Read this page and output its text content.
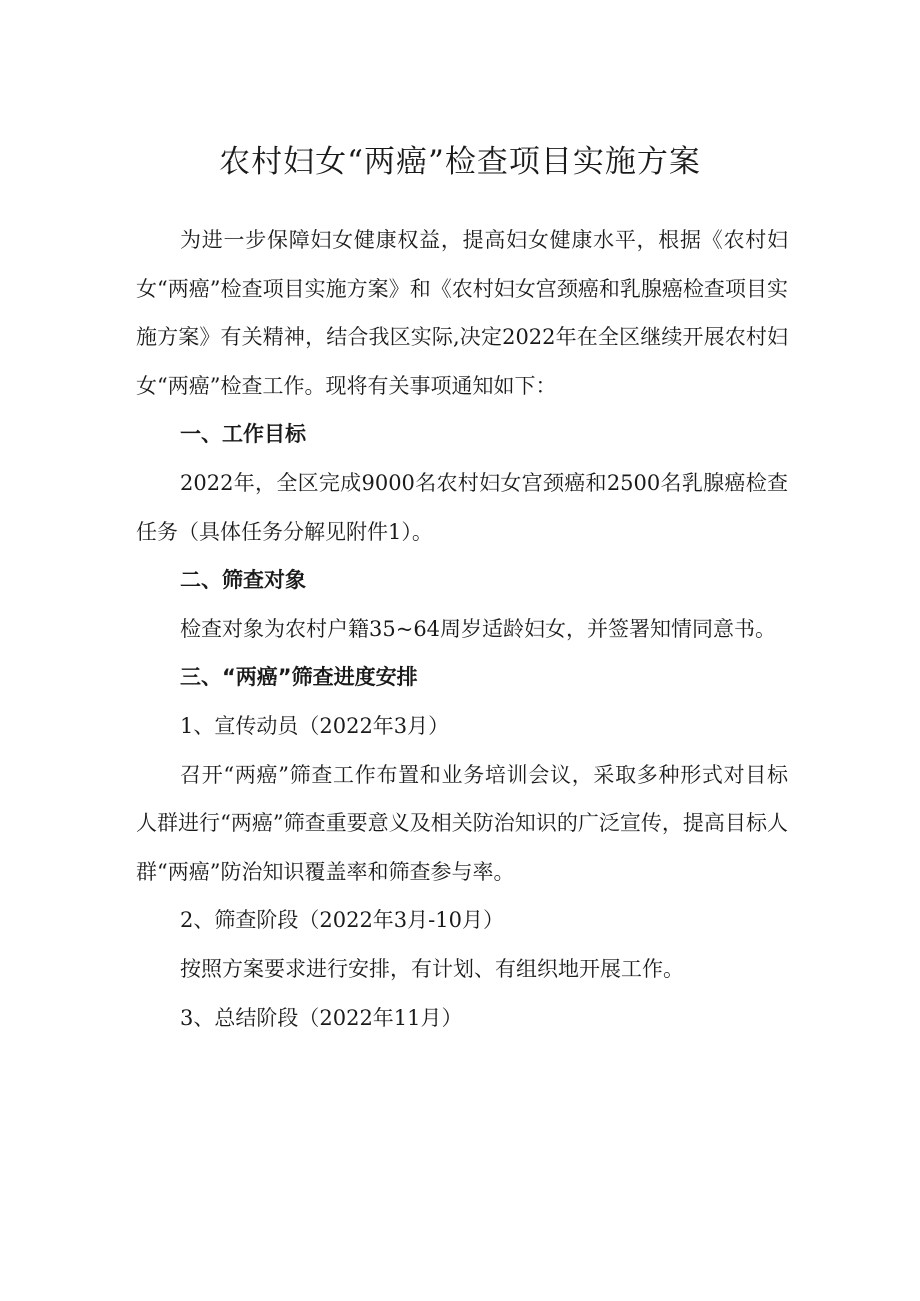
农村妇女“两癌”检查项目实施方案

为进一步保障妇女健康权益，提高妇女健康水平，根据《农村妇女“两癌”检查项目实施方案》和《农村妇女宫颈癌和乳腺癌检查项目实施方案》有关精神，结合我区实际,决定2022年在全区继续开展农村妇女“两癌”检查工作。现将有关事项通知如下：

一、工作目标

2022年，全区完成9000名农村妇女宫颈癌和2500名乳腺癌检查任务（具体任务分解见附件1）。

二、筛查对象

检查对象为农村户籍35~64周岁适龄妇女，并签署知情同意书。

三、“两癌”筛查进度安排

1、宣传动员（2022年3月）

召开“两癌”筛查工作布置和业务培训会议，采取多种形式对目标人群进行“两癌”筛查重要意义及相关防治知识的广泛宣传，提高目标人群“两癌”防治知识覆盖率和筛查参与率。

2、筛查阶段（2022年3月-10月）

按照方案要求进行安排，有计划、有组织地开展工作。

3、总结阶段（2022年11月）
